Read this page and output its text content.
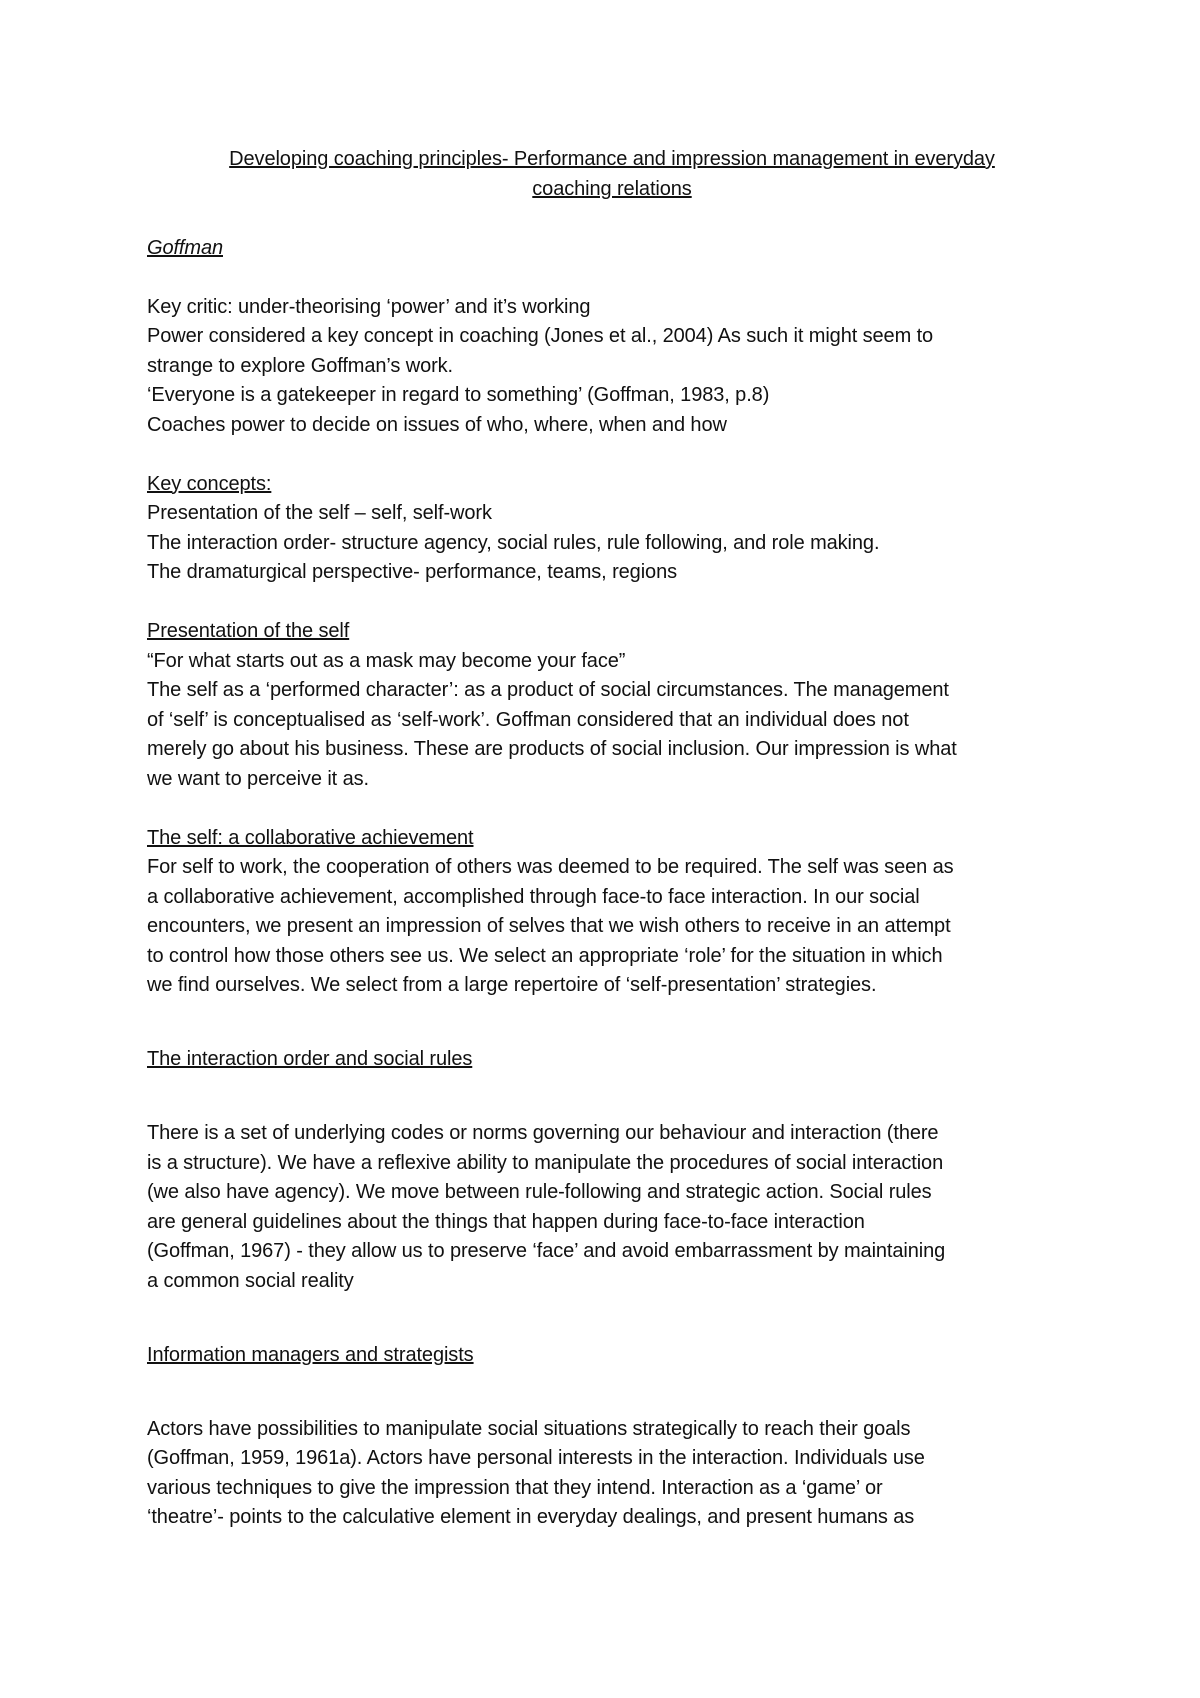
Developing coaching principles- Performance and impression management in everyday
coaching relations
Goffman

Key critic: under-theorising ‘power’ and it’s working
Power considered a key concept in coaching (Jones et al., 2004) As such it might seem to
strange to explore Goffman’s work.
‘Everyone is a gatekeeper in regard to something’ (Goffman, 1983, p.8)
Coaches power to decide on issues of who, where, when and how

Key concepts:

Presentation of the self – self, self-work
The interaction order- structure agency, social rules, rule following, and role making.
The dramaturgical perspective- performance, teams, regions

Presentation of the self

“For what starts out as a mask may become your face”
The self as a ‘performed character’: as a product of social circumstances. The management
of ‘self’ is conceptualised as ‘self-work’. Goffman considered that an individual does not
merely go about his business. These are products of social inclusion. Our impression is what
we want to perceive it as.

The self: a collaborative achievement

For self to work, the cooperation of others was deemed to be required. The self was seen as
a collaborative achievement, accomplished through face-to face interaction. In our social
encounters, we present an impression of selves that we wish others to receive in an attempt
to control how those others see us. We select an appropriate ‘role’ for the situation in which
we find ourselves. We select from a large repertoire of ‘self-presentation’ strategies.

The interaction order and social rules

There is a set of underlying codes or norms governing our behaviour and interaction (there
is a structure). We have a reflexive ability to manipulate the procedures of social interaction
(we also have agency). We move between rule-following and strategic action. Social rules
are general guidelines about the things that happen during face-to-face interaction
(Goffman, 1967) - they allow us to preserve ‘face’ and avoid embarrassment by maintaining
a common social reality

Information managers and strategists

Actors have possibilities to manipulate social situations strategically to reach their goals
(Goffman, 1959, 1961a). Actors have personal interests in the interaction. Individuals use
various techniques to give the impression that they intend. Interaction as a ‘game’ or
‘theatre’- points to the calculative element in everyday dealings, and present humans as
